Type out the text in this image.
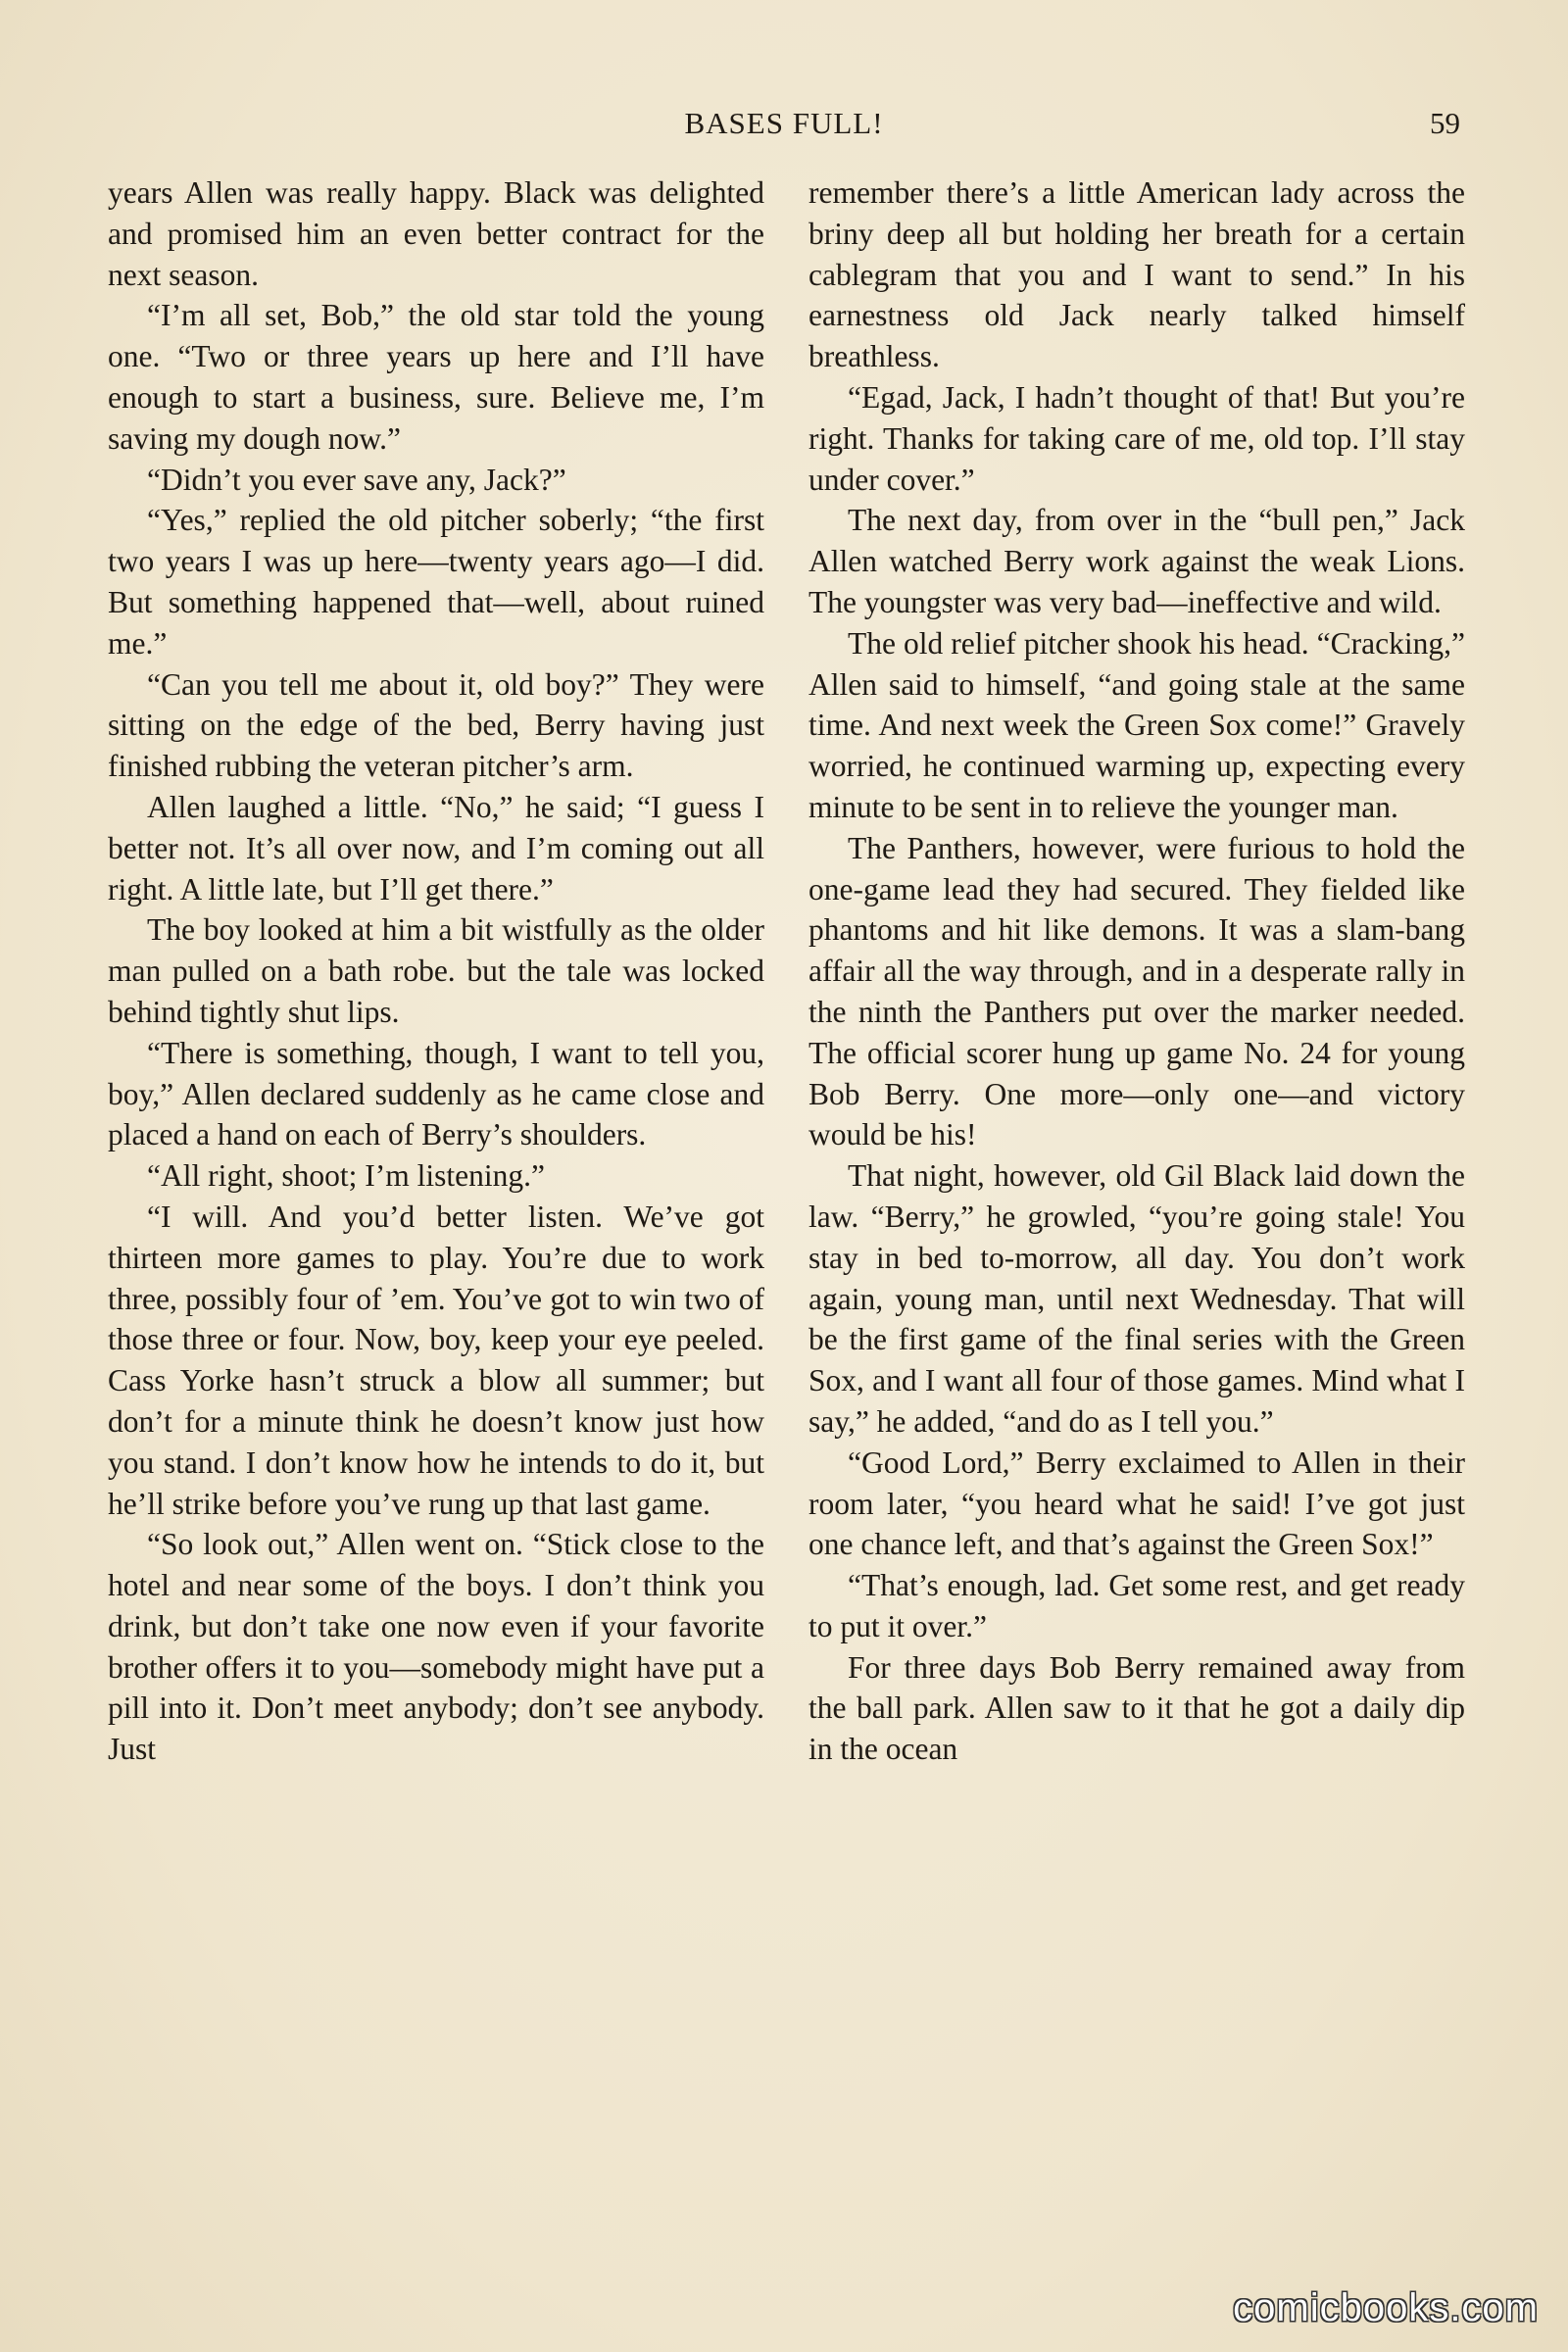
BASES FULL!	59

years Allen was really happy. Black was delighted and promised him an even better contract for the next season.

“I’m all set, Bob,” the old star told the young one. “Two or three years up here and I’ll have enough to start a business, sure. Believe me, I’m saving my dough now.”

“Didn’t you ever save any, Jack?”

“Yes,” replied the old pitcher soberly; “the first two years I was up here—twenty years ago—I did. But something happened that—well, about ruined me.”

“Can you tell me about it, old boy?” They were sitting on the edge of the bed, Berry having just finished rubbing the veteran pitcher’s arm.

Allen laughed a little. “No,” he said; “I guess I better not. It’s all over now, and I’m coming out all right. A little late, but I’ll get there.”

The boy looked at him a bit wistfully as the older man pulled on a bath robe. but the tale was locked behind tightly shut lips.

“There is something, though, I want to tell you, boy,” Allen declared suddenly as he came close and placed a hand on each of Berry’s shoulders.

“All right, shoot; I’m listening.”

“I will. And you’d better listen. We’ve got thirteen more games to play. You’re due to work three, possibly four of ’em. You’ve got to win two of those three or four. Now, boy, keep your eye peeled. Cass Yorke hasn’t struck a blow all summer; but don’t for a minute think he doesn’t know just how you stand. I don’t know how he intends to do it, but he’ll strike before you’ve rung up that last game.

“So look out,” Allen went on. “Stick close to the hotel and near some of the boys. I don’t think you drink, but don’t take one now even if your favorite brother offers it to you—somebody might have put a pill into it. Don’t meet anybody; don’t see anybody. Just

remember there’s a little American lady across the briny deep all but holding her breath for a certain cablegram that you and I want to send.” In his earnestness old Jack nearly talked himself breathless.

“Egad, Jack, I hadn’t thought of that! But you’re right. Thanks for taking care of me, old top. I’ll stay under cover.”

The next day, from over in the “bull pen,” Jack Allen watched Berry work against the weak Lions. The youngster was very bad—ineffective and wild.

The old relief pitcher shook his head. “Cracking,” Allen said to himself, “and going stale at the same time. And next week the Green Sox come!” Gravely worried, he continued warming up, expecting every minute to be sent in to relieve the younger man.

The Panthers, however, were furious to hold the one-game lead they had secured. They fielded like phantoms and hit like demons. It was a slam-bang affair all the way through, and in a desperate rally in the ninth the Panthers put over the marker needed. The official scorer hung up game No. 24 for young Bob Berry. One more—only one—and victory would be his!

That night, however, old Gil Black laid down the law. “Berry,” he growled, “you’re going stale! You stay in bed to-morrow, all day. You don’t work again, young man, until next Wednesday. That will be the first game of the final series with the Green Sox, and I want all four of those games. Mind what I say,” he added, “and do as I tell you.”

“Good Lord,” Berry exclaimed to Allen in their room later, “you heard what he said! I’ve got just one chance left, and that’s against the Green Sox!”

“That’s enough, lad. Get some rest, and get ready to put it over.”

For three days Bob Berry remained away from the ball park. Allen saw to it that he got a daily dip in the ocean

comicbooks.com
